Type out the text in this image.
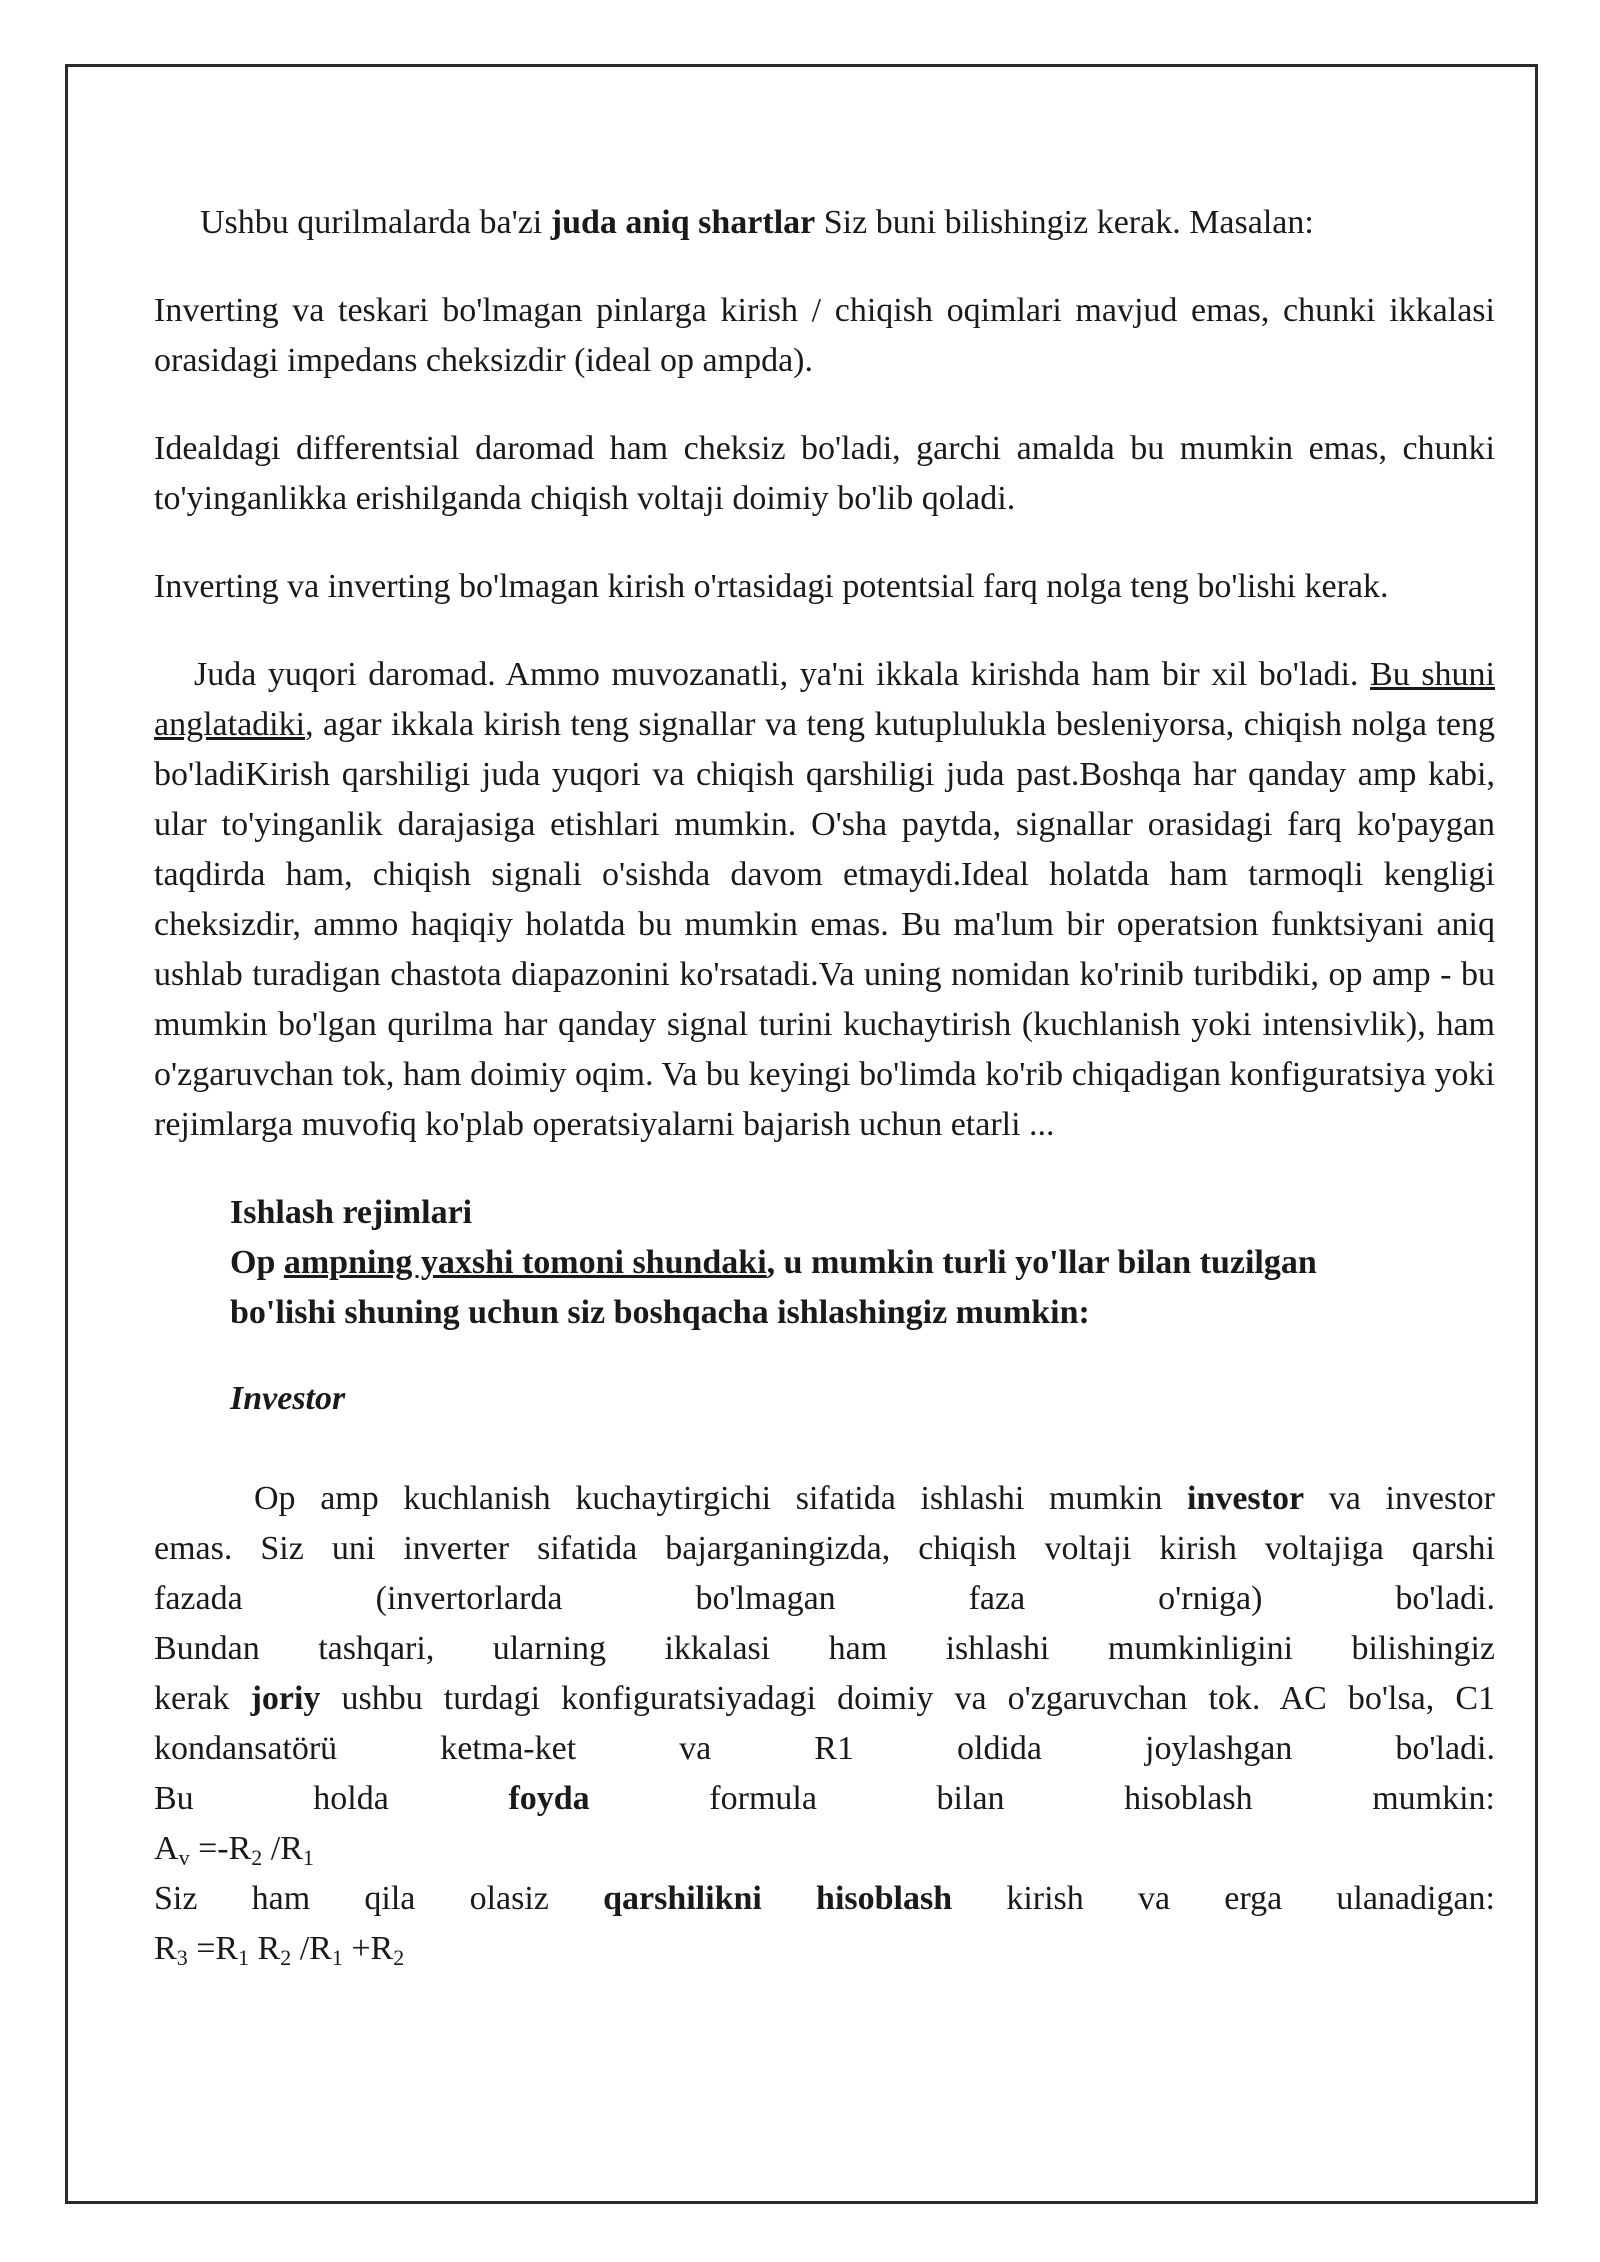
Ushbu qurilmalarda ba'zi juda aniq shartlar Siz buni bilishingiz kerak. Masalan:

Inverting va teskari bo'lmagan pinlarga kirish / chiqish oqimlari mavjud emas, chunki ikkalasi orasidagi impedans cheksizdir (ideal op ampda).

Idealdagi differentsial daromad ham cheksiz bo'ladi, garchi amalda bu mumkin emas, chunki to'yinganlikka erishilganda chiqish voltaji doimiy bo'lib qoladi.

Inverting va inverting bo'lmagan kirish o'rtasidagi potentsial farq nolga teng bo'lishi kerak.

Juda yuqori daromad. Ammo muvozanatli, ya'ni ikkala kirishda ham bir xil bo'ladi. Bu shuni anglatadiki, agar ikkala kirish teng signallar va teng kutuplulukla besleniyorsa, chiqish nolga teng bo'ladiKirish qarshiligi juda yuqori va chiqish qarshiligi juda past.Boshqa har qanday amp kabi, ular to'yinganlik darajasiga etishlari mumkin. O'sha paytda, signallar orasidagi farq ko'paygan taqdirda ham, chiqish signali o'sishda davom etmaydi.Ideal holatda ham tarmoqli kengligi cheksizdir, ammo haqiqiy holatda bu mumkin emas. Bu ma'lum bir operatsion funktsiyani aniq ushlab turadigan chastota diapazonini ko'rsatadi.Va uning nomidan ko'rinib turibdiki, op amp - bu mumkin bo'lgan qurilma har qanday signal turini kuchaytirish (kuchlanish yoki intensivlik), ham o'zgaruvchan tok, ham doimiy oqim. Va bu keyingi bo'limda ko'rib chiqadigan konfiguratsiya yoki rejimlarga muvofiq ko'plab operatsiyalarni bajarish uchun etarli ...

Ishlash rejimlari
Op ampning yaxshi tomoni shundaki, u mumkin turli yo'llar bilan tuzilgan
bo'lishi shuning uchun siz boshqacha ishlashingiz mumkin:
Investor
Op amp kuchlanish kuchaytirgichi sifatida ishlashi mumkin investor va investor
emas. Siz uni inverter sifatida bajarganingizda, chiqish voltaji kirish voltajiga qarshi
fazada (invertorlarda bo'lmagan faza o'rniga) bo'ladi.
Bundan tashqari, ularning ikkalasi ham ishlashi mumkinligini bilishingiz
kerak joriy ushbu turdagi konfiguratsiyadagi doimiy va o'zgaruvchan tok. AC bo'lsa, C1
kondansatörü ketma-ket va R1 oldida joylashgan bo'ladi.
Bu holda foyda formula bilan hisoblash mumkin:
$A_v =-R_2$ $/R_1$
Siz ham qila olasiz qarshilikni hisoblash kirish va erga ulanadigan:
$R_3 =R_1$ $R_2$ $/R_1 +R_2$
